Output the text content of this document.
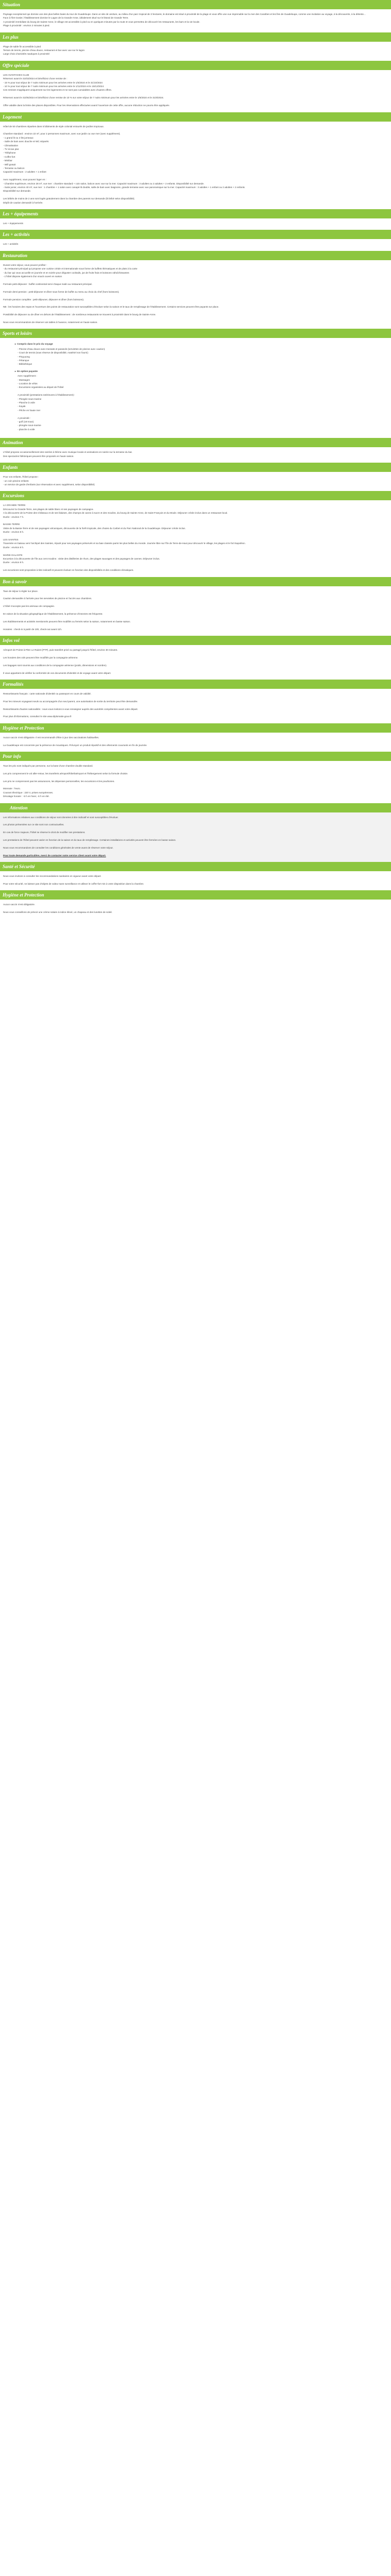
Situation

Paysage exceptionnel qui domine une des plus belles baies du tour de Guadeloupe. Dans un site de verdure, au milieu d'un parc tropical de 3 hectares, le domaine est situé à proximité de la plage et vous offre une vue imprenable sur la mer des Caraïbes et les îles de Guadeloupe, comme une invitation au voyage, à la découverte, à la détente...
Face à l'ilet Gosier, l'établissement domine le Lagon de la Grande-Anse, idéalement situé sur le littoral de Grande Terre.
A proximité immédiate du bourg de Sainte-Anne, le village est accessible à pied ou en quelques minutes par la route et vous permettra de découvrir les restaurants, les bars et la vie locale.
Plage à proximité : environ 2 minutes à pied.

Les plus

Plage de sable fin accessible à pied
Terrain de tennis, piscine d'eau douce, restaurant et bar avec vue sur le lagon
Large choix d'activités nautiques à proximité

Offre spéciale

LES AVANTAGES CLUB
Réservez avant le 31/03/2024 et bénéficiez d'une remise de :
- 15 % pour tout séjour de 7 nuits minimum pour les arrivées entre le 1/5/2024 et le 31/10/2024
- 10 % pour tout séjour de 7 nuits minimum pour les arrivées entre le 1/11/2024 et le 15/12/2024
Ces remises s'appliquent uniquement sur les logements et ne sont pas cumulables avec d'autres offres.

Réservez avant le 31/05/2024 et bénéficiez d'une remise de 10 % sur votre séjour de 7 nuits minimum pour les arrivées entre le 1/6/2024 et le 31/8/2024.

Offre valable dans la limite des places disponibles. Pour les réservations effectuées avant l'ouverture de cette offre, aucune réduction ne pourra être appliquée.

Logement

Hôtel de 50 chambres réparties dans 5 bâtiments de style colonial entourés de jardins tropicaux.

Chambre standard : environ 22 m², pour 2 personnes maximum, avec vue jardin ou vue mer (avec supplément).
- 1 grand lit ou 2 lits jumeaux
- Salle de bain avec douche et WC séparés
- Climatisation
- TV écran plat
- Téléphone
- Coffre-fort
- Minibar
- Wifi gratuit
- Terrasse ou balcon
Capacité maximum : 2 adultes + 1 enfant

Avec supplément, vous pouvez loger en :
- Chambre supérieure, environ 28 m², vue mer : chambre standard + coin salon, balcon avec vue sur la mer. Capacité maximum : 3 adultes ou 2 adultes + 2 enfants. Disponibilité sur demande.
- Suite junior, environ 40 m², vue mer : 1 chambre + 1 salon avec canapé-lit double, salle de bain avec baignoire, grande terrasse avec vue panoramique sur la mer. Capacité maximum : 3 adultes + 1 enfant ou 2 adultes + 2 enfants.
Disponibilité sur demande.

Les bébés de moins de 2 ans sont logés gratuitement dans la chambre des parents sur demande (lit bébé selon disponibilité).
Dépôt de caution demandé à l'arrivée.

Les + équipements

Les + équipements

Les + activités

Les + activités

Restauration

Durant votre séjour, vous pouvez profiter :
- du restaurant principal qui propose une cuisine créole et internationale sous forme de buffets thématiques et de plats à la carte
- du bar qui vous accueille en journée et en soirée pour déguster cocktails, jus de fruits frais et boissons rafraîchissantes
- L'hôtel dispose également d'un snack ouvert en saison

Formule petit-déjeuner : buffet continental servi chaque matin au restaurant principal.

Formule demi-pension : petit-déjeuner et dîner sous forme de buffet ou menu au choix du chef (hors boissons).

Formule pension complète : petit-déjeuner, déjeuner et dîner (hors boissons).

NB : les horaires des repas et l'ouverture des points de restauration sont susceptibles d'évoluer selon la saison et le taux de remplissage de l'établissement. Certains services peuvent être payants sur place.

Possibilité de déjeuner ou de dîner en dehors de l'établissement : de nombreux restaurants se trouvent à proximité dans le bourg de Sainte-Anne.

Nous vous recommandons de réserver vos tables à l'avance, notamment en haute saison.

Sports et loisirs
► Compris dans le prix du voyage

- Piscine d'eau douce avec transats et parasols (serviettes de piscine avec caution)
- Court de tennis (sous réserve de disponibilité, matériel non fourni)
- Ping-pong
- Pétanque
- Bibliothèque

► En option payante

Avec supplément :
- Massages
- Location de vélos
- Excursions organisées au départ de l'hôtel

A proximité (prestations extérieures à l'établissement) :
- Plongée sous-marine
- Planche à voile
- Kayak
- Pêche en haute mer

A proximité :
- golf (18 trous)
- plongée sous-marine
- planche à voile

Animation

L'hôtel propose occasionnellement des soirées à thème avec musique locale et animations en soirée sur la terrasse du bar.
Des spectacles folkloriques peuvent être proposés en haute saison.

Enfants

Pour vos enfants, l'hôtel propose :
- un coin piscine enfants
- un service de garde d'enfants (sur réservation et avec supplément, selon disponibilité)

Excursions

LA GRANDE-TERRE
Découvrez la Grande-Terre, ses plages de sable blanc et ses paysages de campagne.
A la découverte de la Pointe des Châteaux et de ses falaises, des champs de canne à sucre et des moulins, du bourg de Sainte-Anne, de Saint-François et du Moule. Déjeuner créole inclus dans un restaurant local.
Durée : environ 7 h.

BASSE-TERRE
Visite de la Basse-Terre et de ses paysages volcaniques, découverte de la forêt tropicale, des chutes du Carbet et du Parc National de la Guadeloupe. Déjeuner créole inclus.
Durée : environ 8 h.

LES SAINTES
Traversée en bateau vers l'archipel des Saintes, réputé pour ses paysages préservés et sa baie classée parmi les plus belles du monde. Journée libre sur l'île de Terre-de-Haut pour découvrir le village, les plages et le fort Napoléon.
Durée : environ 9 h.

MARIE-GALANTE
Excursion à la découverte de l'île aux cent moulins : visite des distilleries de rhum, des plages sauvages et des paysages de cannes. Déjeuner inclus.
Durée : environ 9 h.

Les excursions sont proposées à titre indicatif et peuvent évoluer en fonction des disponibilités et des conditions climatiques.

Bon à savoir

Taxe de séjour à régler sur place.

Caution demandée à l'arrivée pour les serviettes de piscine et l'accès aux chambres.

L'hôtel n'accepte pas les animaux de compagnie.

En raison de la situation géographique de l'établissement, la présence d'insectes est fréquente.

Les établissements et activités mentionnés peuvent être modifiés ou fermés selon la saison, notamment en basse saison.

Horaires : check-in à partir de 15h, check-out avant 11h.

Infos vol

Aéroport de Pointe-à-Pitre Le Raizet (PTP), puis transfert privé ou partagé jusqu'à l'hôtel, environ 30 minutes.

Les horaires des vols peuvent être modifiés par la compagnie aérienne.

Les bagages sont soumis aux conditions de la compagnie aérienne (poids, dimensions et nombre).

Il vous appartient de vérifier la conformité de vos documents d'identité et de voyage avant votre départ.

Formalités

Ressortissants français : carte nationale d'identité ou passeport en cours de validité.

Pour les mineurs voyageant seuls ou accompagnés d'un seul parent, une autorisation de sortie du territoire peut être demandée.

Ressortissants d'autres nationalités : nous vous invitons à vous renseigner auprès des autorités compétentes avant votre départ.

Pour plus d'informations, consultez le site www.diplomatie.gouv.fr

Hygiène et Protection

Aucun vaccin n'est obligatoire. Il est recommandé d'être à jour des vaccinations habituelles.

La Guadeloupe est concernée par la présence de moustiques. Prévoyez un produit répulsif et des vêtements couvrants en fin de journée.

Pour info

Tous les prix sont indiqués par personne, sur la base d'une chambre double standard.

Les prix comprennent le vol aller-retour, les transferts aéroport/hôtel/aéroport et l'hébergement selon la formule choisie.

Les prix ne comprennent pas les assurances, les dépenses personnelles, les excursions et les pourboires.

Monnaie : l'euro.
Courant électrique : 220 V, prises européennes.
Décalage horaire : -5 h en hiver, -6 h en été.

Attention
Les informations relatives aux conditions de séjour sont données à titre indicatif et sont susceptibles d'évoluer.

Les photos présentées sur ce site sont non contractuelles.

En cas de force majeure, l'hôtel se réserve le droit de modifier ses prestations.

Les prestations de l'hôtel peuvent varier en fonction de la saison et du taux de remplissage. Certaines installations et activités peuvent être fermées en basse saison.

Nous vous recommandons de consulter les conditions générales de vente avant de réserver votre séjour.

Pour toute demande particulière, merci de contacter notre service client avant votre départ.
Santé et Sécurité

Nous vous invitons à consulter les recommandations sanitaires en vigueur avant votre départ.

Pour votre sécurité, ne laissez pas d'objets de valeur sans surveillance et utilisez le coffre-fort mis à votre disposition dans la chambre.

Hygiène et Protection

Aucun vaccin n'est obligatoire.

Nous vous conseillons de prévoir une crème solaire à indice élevé, un chapeau et des lunettes de soleil.
